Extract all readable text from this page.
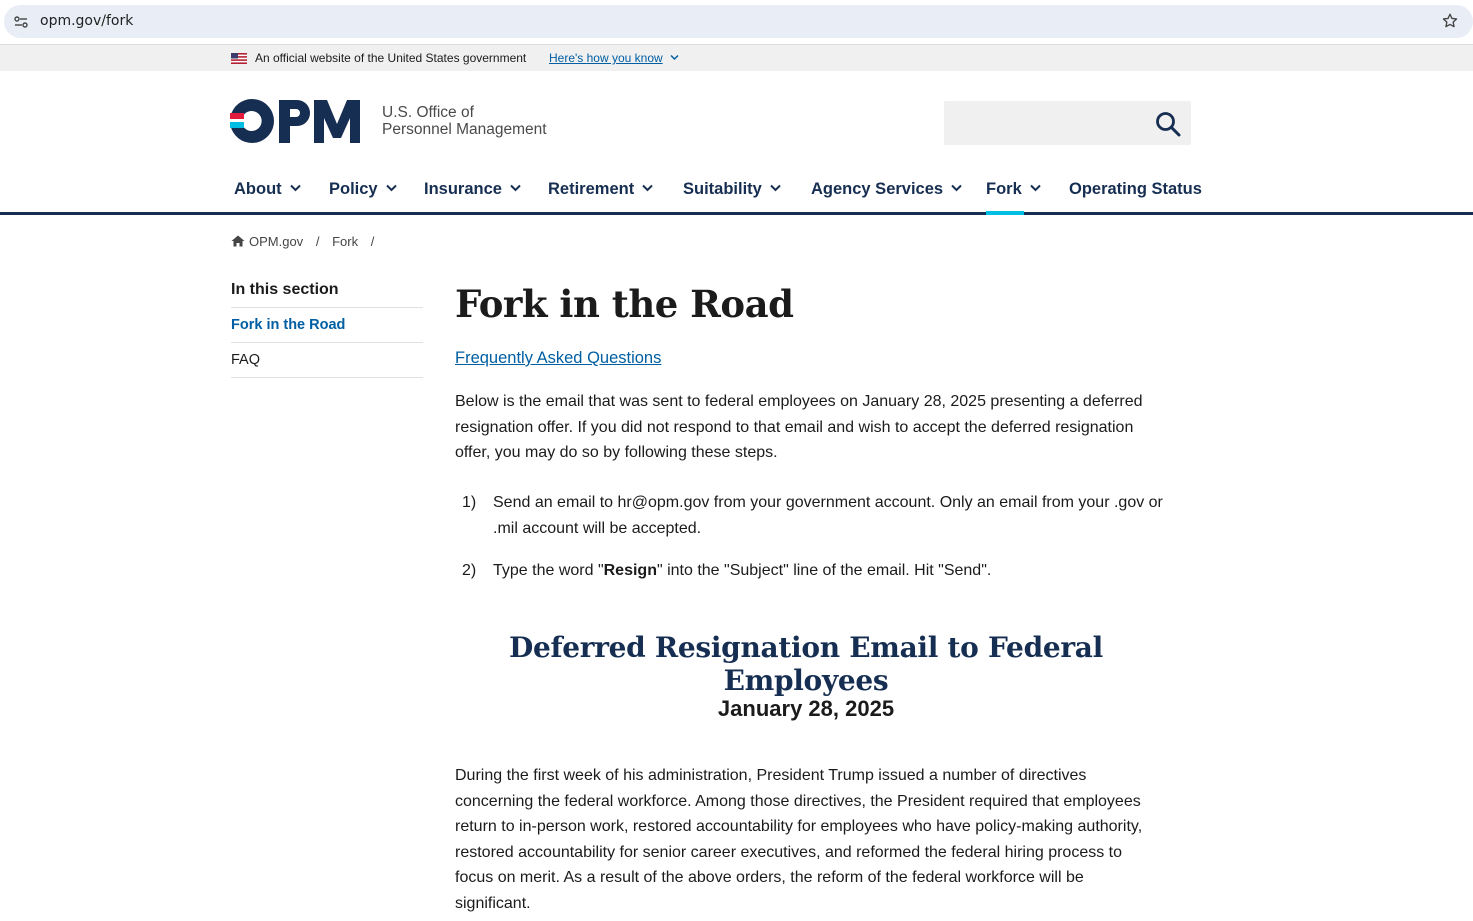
opm.gov/fork
An official website of the United States government Here's how you know
U.S. Office of
Personnel Management
About	Policy	Insurance	Retirement	Suitability	Agency Services	Fork	Operating Status
OPM.gov / Fork /
In this section
Fork in the Road
FAQ
Fork in the Road
Frequently Asked Questions

Below is the email that was sent to federal employees on January 28, 2025 presenting a deferred resignation offer. If you did not respond to that email and wish to accept the deferred resignation offer, you may do so by following these steps.

1) Send an email to hr@opm.gov from your government account. Only an email from your .gov or .mil account will be accepted.
2) Type the word "Resign" into the "Subject" line of the email. Hit "Send".
Deferred Resignation Email to Federal Employees
January 28, 2025

During the first week of his administration, President Trump issued a number of directives concerning the federal workforce. Among those directives, the President required that employees return to in-person work, restored accountability for employees who have policy-making authority, restored accountability for senior career executives, and reformed the federal hiring process to focus on merit. As a result of the above orders, the reform of the federal workforce will be significant.
